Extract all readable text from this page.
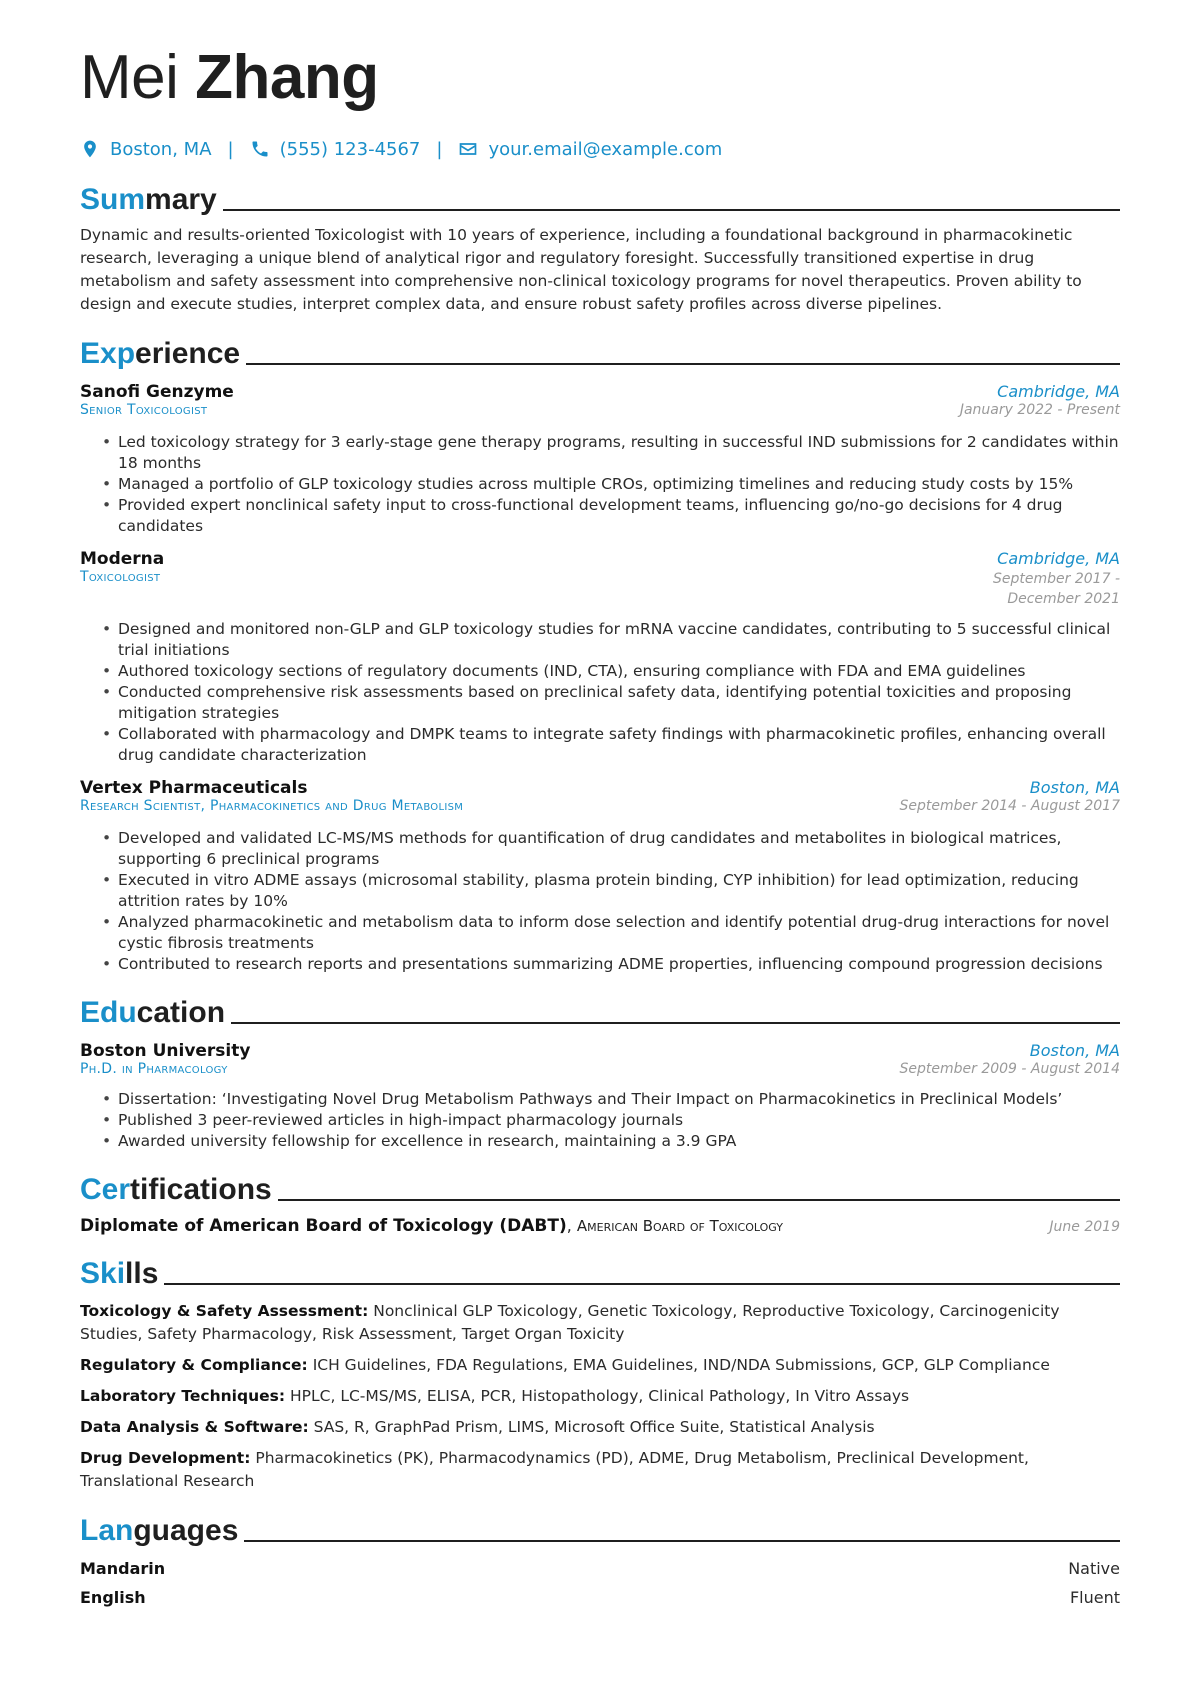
Mei Zhang
Boston, MA |	(555) 123-4567 |	your.email@example.com
Summary

Dynamic and results-oriented Toxicologist with 10 years of experience, including a foundational background in pharmacokinetic research, leveraging a unique blend of analytical rigor and regulatory foresight. Successfully transitioned expertise in drug metabolism and safety assessment into comprehensive non-clinical toxicology programs for novel therapeutics. Proven ability to design and execute studies, interpret complex data, and ensure robust safety profiles across diverse pipelines.

Experience
Sanofi Genzyme	Cambridge, MA
Senior Toxicologist	January 2022 - Present
• Led toxicology strategy for 3 early-stage gene therapy programs, resulting in successful IND submissions for 2 candidates within 18 months
• Managed a portfolio of GLP toxicology studies across multiple CROs, optimizing timelines and reducing study costs by 15%
• Provided expert nonclinical safety input to cross-functional development teams, influencing go/no-go decisions for 4 drug candidates
Moderna	Cambridge, MA
Toxicologist	September 2017 - December 2021
• Designed and monitored non-GLP and GLP toxicology studies for mRNA vaccine candidates, contributing to 5 successful clinical trial initiations
• Authored toxicology sections of regulatory documents (IND, CTA), ensuring compliance with FDA and EMA guidelines
• Conducted comprehensive risk assessments based on preclinical safety data, identifying potential toxicities and proposing mitigation strategies
• Collaborated with pharmacology and DMPK teams to integrate safety findings with pharmacokinetic profiles, enhancing overall drug candidate characterization
Vertex Pharmaceuticals	Boston, MA
Research Scientist, Pharmacokinetics and Drug Metabolism	September 2014 - August 2017
• Developed and validated LC-MS/MS methods for quantification of drug candidates and metabolites in biological matrices, supporting 6 preclinical programs
• Executed in vitro ADME assays (microsomal stability, plasma protein binding, CYP inhibition) for lead optimization, reducing attrition rates by 10%
• Analyzed pharmacokinetic and metabolism data to inform dose selection and identify potential drug-drug interactions for novel cystic fibrosis treatments
• Contributed to research reports and presentations summarizing ADME properties, influencing compound progression decisions
Education
Boston University	Boston, MA
Ph.D. in Pharmacology	September 2009 - August 2014
• Dissertation: ‘Investigating Novel Drug Metabolism Pathways and Their Impact on Pharmacokinetics in Preclinical Models’
• Published 3 peer-reviewed articles in high-impact pharmacology journals
• Awarded university fellowship for excellence in research, maintaining a 3.9 GPA
Certifications
Diplomate of American Board of Toxicology (DABT), American Board of Toxicology	June 2019
Skills

Toxicology & Safety Assessment: Nonclinical GLP Toxicology, Genetic Toxicology, Reproductive Toxicology, Carcinogenicity Studies, Safety Pharmacology, Risk Assessment, Target Organ Toxicity

Regulatory & Compliance: ICH Guidelines, FDA Regulations, EMA Guidelines, IND/NDA Submissions, GCP, GLP Compliance

Laboratory Techniques: HPLC, LC-MS/MS, ELISA, PCR, Histopathology, Clinical Pathology, In Vitro Assays

Data Analysis & Software: SAS, R, GraphPad Prism, LIMS, Microsoft Office Suite, Statistical Analysis

Drug Development: Pharmacokinetics (PK), Pharmacodynamics (PD), ADME, Drug Metabolism, Preclinical Development, Translational Research

Languages
Mandarin	Native
English	Fluent
